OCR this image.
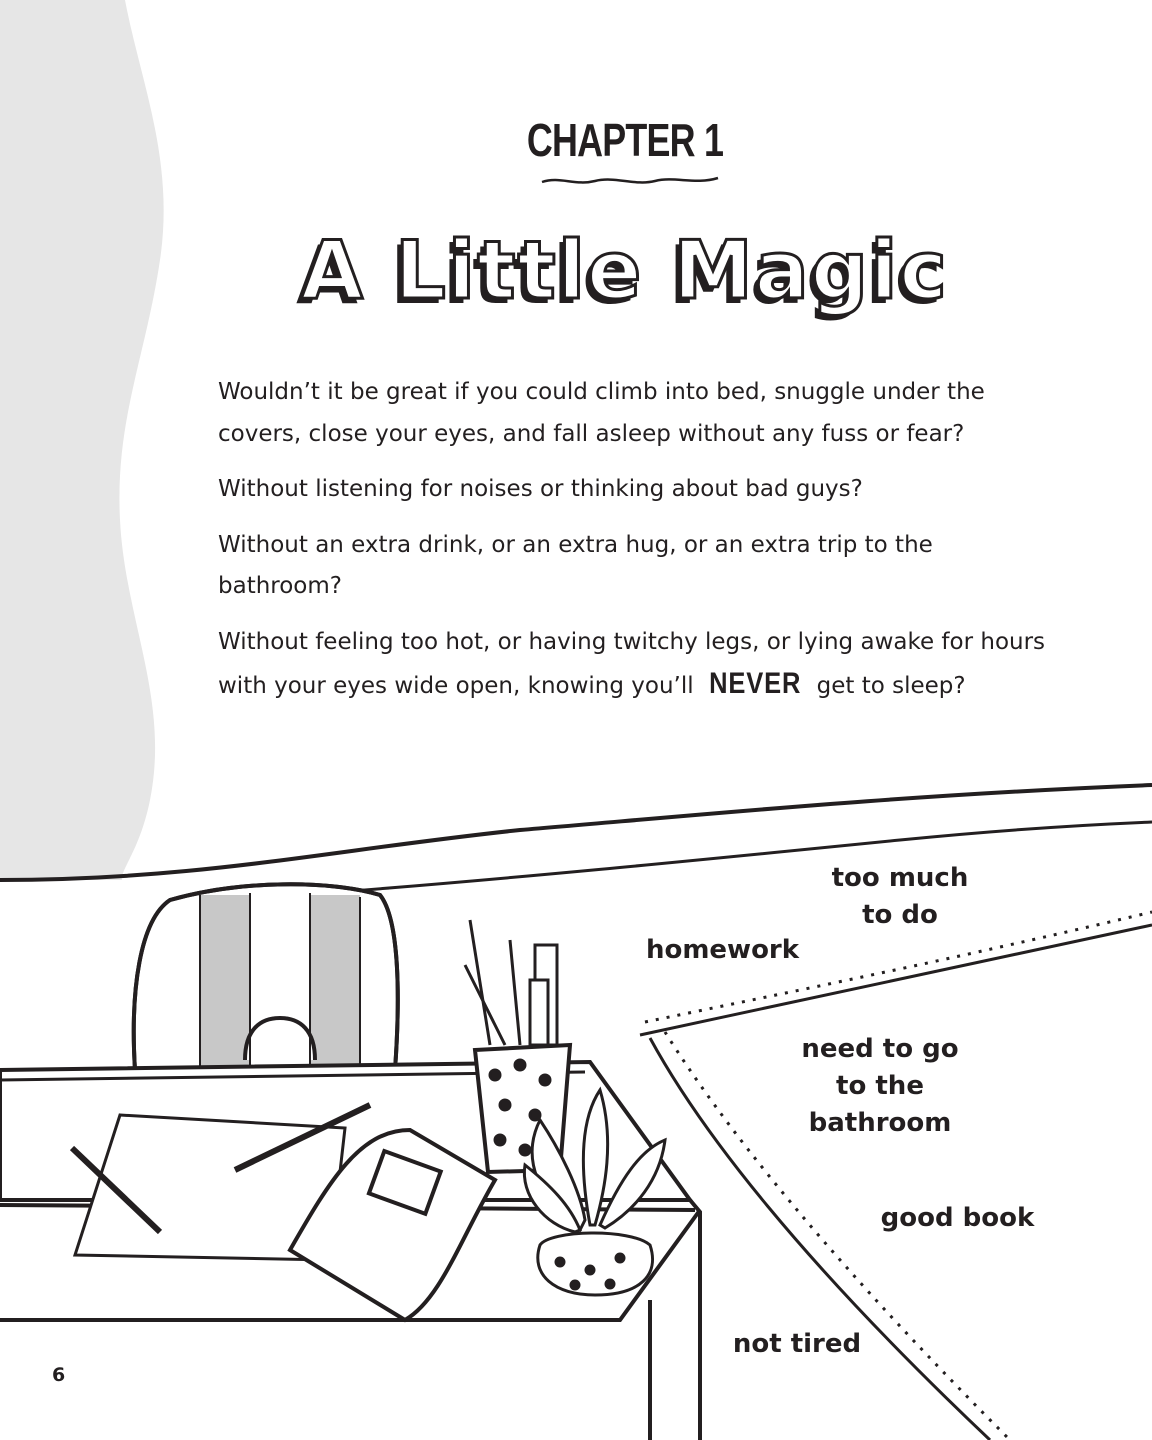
CHAPTER 1
A Little Magic

Wouldn’t it be great if you could climb into bed, snuggle under the covers, close your eyes, and fall asleep without any fuss or fear?

Without listening for noises or thinking about bad guys?

Without an extra drink, or an extra hug, or an extra trip to the bathroom?

Without feeling too hot, or having twitchy legs, or lying awake for hours with your eyes wide open, knowing you’ll NEVER get to sleep?

too much
to do
homework
need to go
to the
bathroom
good book
not tired
6
